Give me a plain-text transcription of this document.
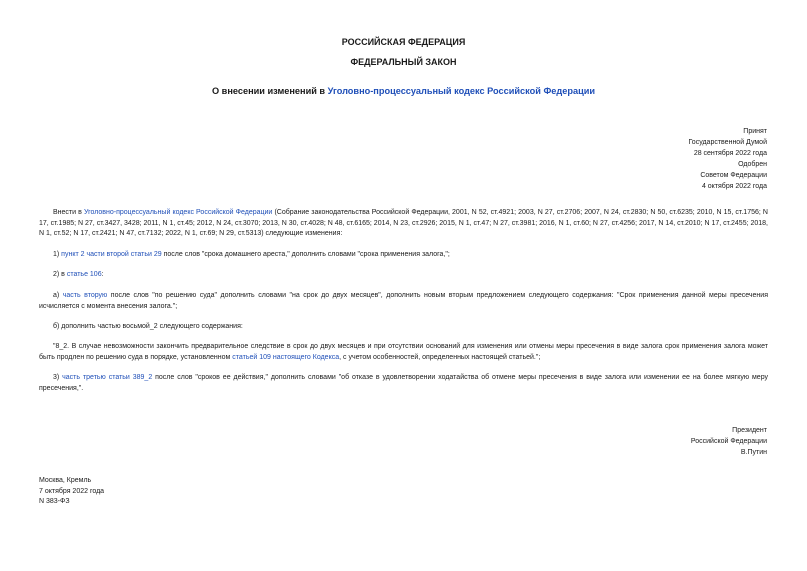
РОССИЙСКАЯ ФЕДЕРАЦИЯ
ФЕДЕРАЛЬНЫЙ ЗАКОН
О внесении изменений в Уголовно-процессуальный кодекс Российской Федерации
Принят
Государственной Думой
28 сентября 2022 года
Одобрен
Советом Федерации
4 октября 2022 года
Внести в Уголовно-процессуальный кодекс Российской Федерации (Собрание законодательства Российской Федерации, 2001, N 52, ст.4921; 2003, N 27, ст.2706; 2007, N 24, ст.2830; N 50, ст.6235; 2010, N 15, ст.1756; N 17, ст.1985; N 27, ст.3427, 3428; 2011, N 1, ст.45; 2012, N 24, ст.3070; 2013, N 30, ст.4028; N 48, ст.6165; 2014, N 23, ст.2926; 2015, N 1, ст.47; N 27, ст.3981; 2016, N 1, ст.60; N 27, ст.4256; 2017, N 14, ст.2010; N 17, ст.2455; 2018, N 1, ст.52; N 17, ст.2421; N 47, ст.7132; 2022, N 1, ст.69; N 29, ст.5313) следующие изменения:
1) пункт 2 части второй статьи 29 после слов "срока домашнего ареста," дополнить словами "срока применения залога,";
2) в статье 106:
а) часть вторую после слов "по решению суда" дополнить словами "на срок до двух месяцев", дополнить новым вторым предложением следующего содержания: "Срок применения данной меры пресечения исчисляется с момента внесения залога.";
б) дополнить частью восьмой_2 следующего содержания:
"8_2. В случае невозможности закончить предварительное следствие в срок до двух месяцев и при отсутствии оснований для изменения или отмены меры пресечения в виде залога срок применения залога может быть продлен по решению суда в порядке, установленном статьей 109 настоящего Кодекса, с учетом особенностей, определенных настоящей статьей.";
3) часть третью статьи 389_2 после слов "сроков ее действия," дополнить словами "об отказе в удовлетворении ходатайства об отмене меры пресечения в виде залога или изменении ее на более мягкую меру пресечения,".
Президент
Российской Федерации
В.Путин
Москва, Кремль
7 октября 2022 года
N 383-ФЗ
